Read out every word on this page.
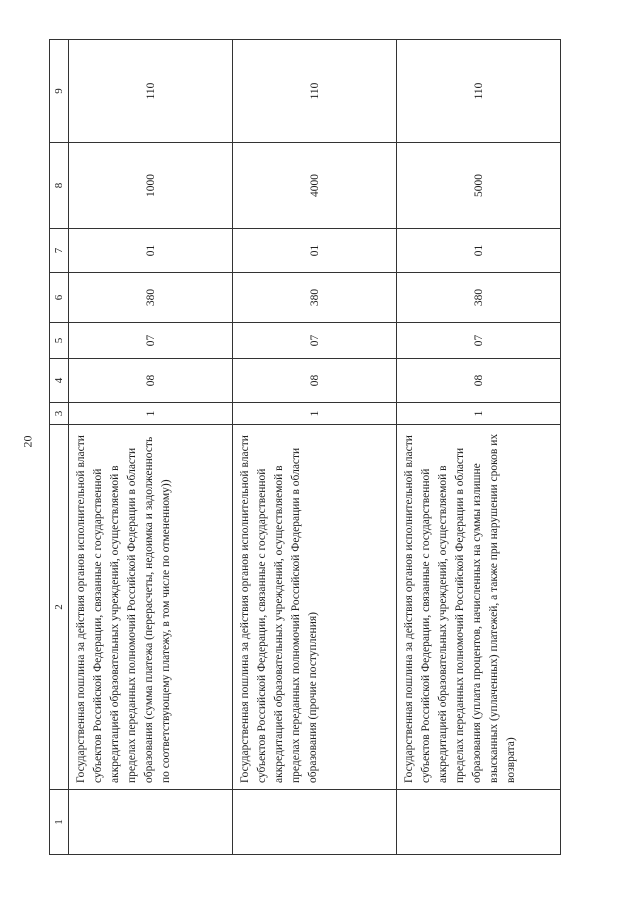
20
1	2	3	4	5	6	7	8	9
	Государственная пошлина за действия органов исполнительной власти субъектов Российской Федерации, связанные с государственной аккредитацией образовательных учреждений, осуществляемой в пределах переданных полномочий Российской Федерации в области образования (сумма платежа (перерасчеты, недоимка и задолженность по соответствующему платежу, в том числе по отмененному))	1	08	07	380	01	1000	110
	Государственная пошлина за действия органов исполнительной власти субъектов Российской Федерации, связанные с государственной аккредитацией образовательных учреждений, осуществляемой в пределах переданных полномочий Российской Федерации в области образования (прочие поступления)	1	08	07	380	01	4000	110
	Государственная пошлина за действия органов исполнительной власти субъектов Российской Федерации, связанные с государственной аккредитацией образовательных учреждений, осуществляемой в пределах переданных полномочий Российской Федерации в области образования (уплата процентов, начисленных на суммы излишне взысканных (уплаченных) платежей, а также при нарушении сроков их возврата)	1	08	07	380	01	5000	110
